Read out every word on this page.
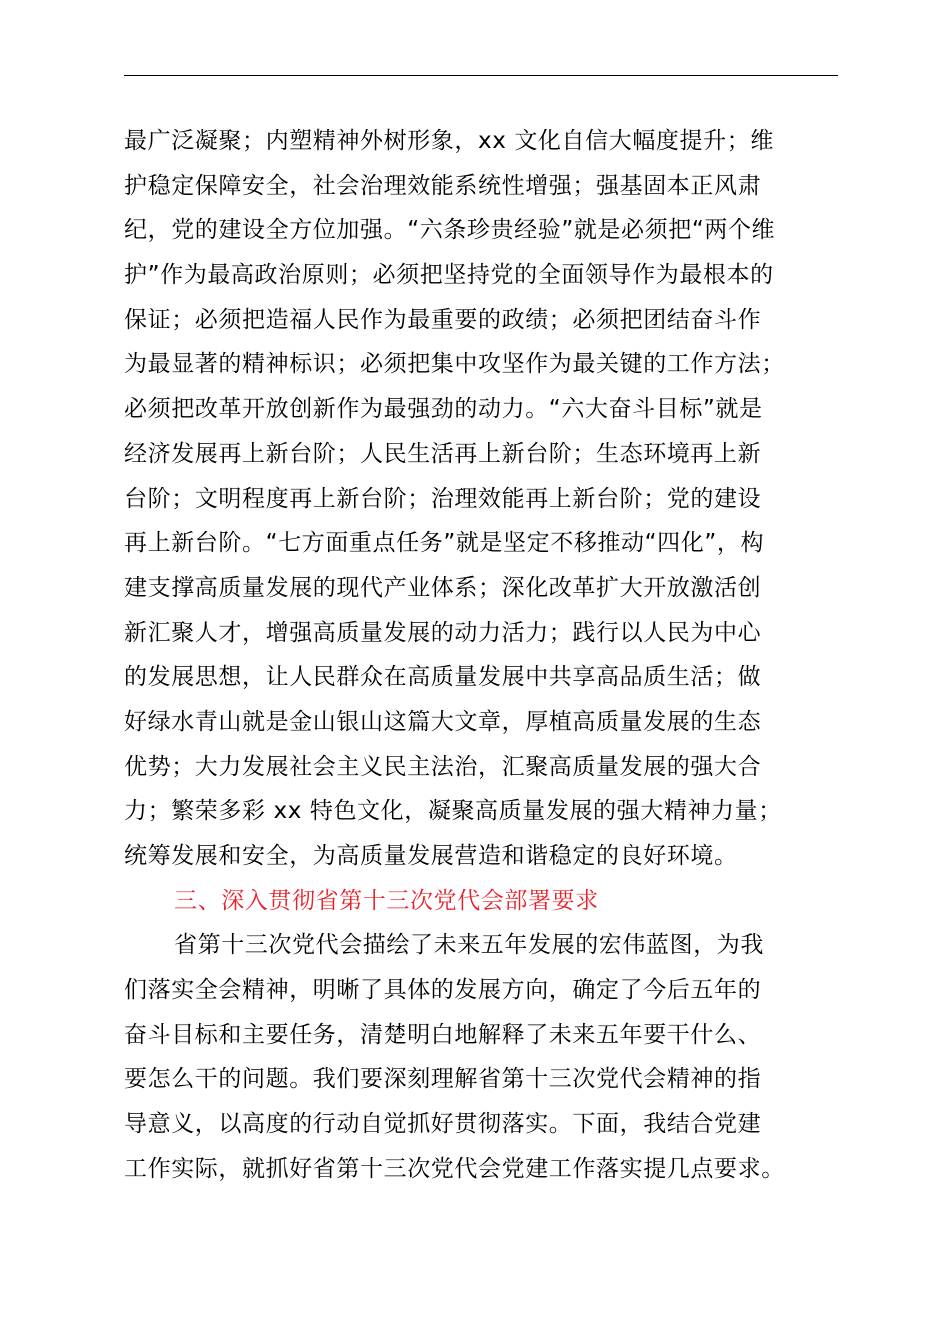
最广泛凝聚；内塑精神外树形象，xx 文化自信大幅度提升；维
护稳定保障安全，社会治理效能系统性增强；强基固本正风肃
纪，党的建设全方位加强。“六条珍贵经验”就是必须把“两个维
护”作为最高政治原则；必须把坚持党的全面领导作为最根本的
保证；必须把造福人民作为最重要的政绩；必须把团结奋斗作
为最显著的精神标识；必须把集中攻坚作为最关键的工作方法；
必须把改革开放创新作为最强劲的动力。“六大奋斗目标”就是
经济发展再上新台阶；人民生活再上新台阶；生态环境再上新
台阶；文明程度再上新台阶；治理效能再上新台阶；党的建设
再上新台阶。“七方面重点任务”就是坚定不移推动“四化”，构
建支撑高质量发展的现代产业体系；深化改革扩大开放激活创
新汇聚人才，增强高质量发展的动力活力；践行以人民为中心
的发展思想，让人民群众在高质量发展中共享高品质生活；做
好绿水青山就是金山银山这篇大文章，厚植高质量发展的生态
优势；大力发展社会主义民主法治，汇聚高质量发展的强大合
力；繁荣多彩 xx 特色文化，凝聚高质量发展的强大精神力量；
统筹发展和安全，为高质量发展营造和谐稳定的良好环境。
三、深入贯彻省第十三次党代会部署要求
省第十三次党代会描绘了未来五年发展的宏伟蓝图，为我
们落实全会精神，明晰了具体的发展方向，确定了今后五年的
奋斗目标和主要任务，清楚明白地解释了未来五年要干什么、
要怎么干的问题。我们要深刻理解省第十三次党代会精神的指
导意义，以高度的行动自觉抓好贯彻落实。下面，我结合党建
工作实际，就抓好省第十三次党代会党建工作落实提几点要求。
